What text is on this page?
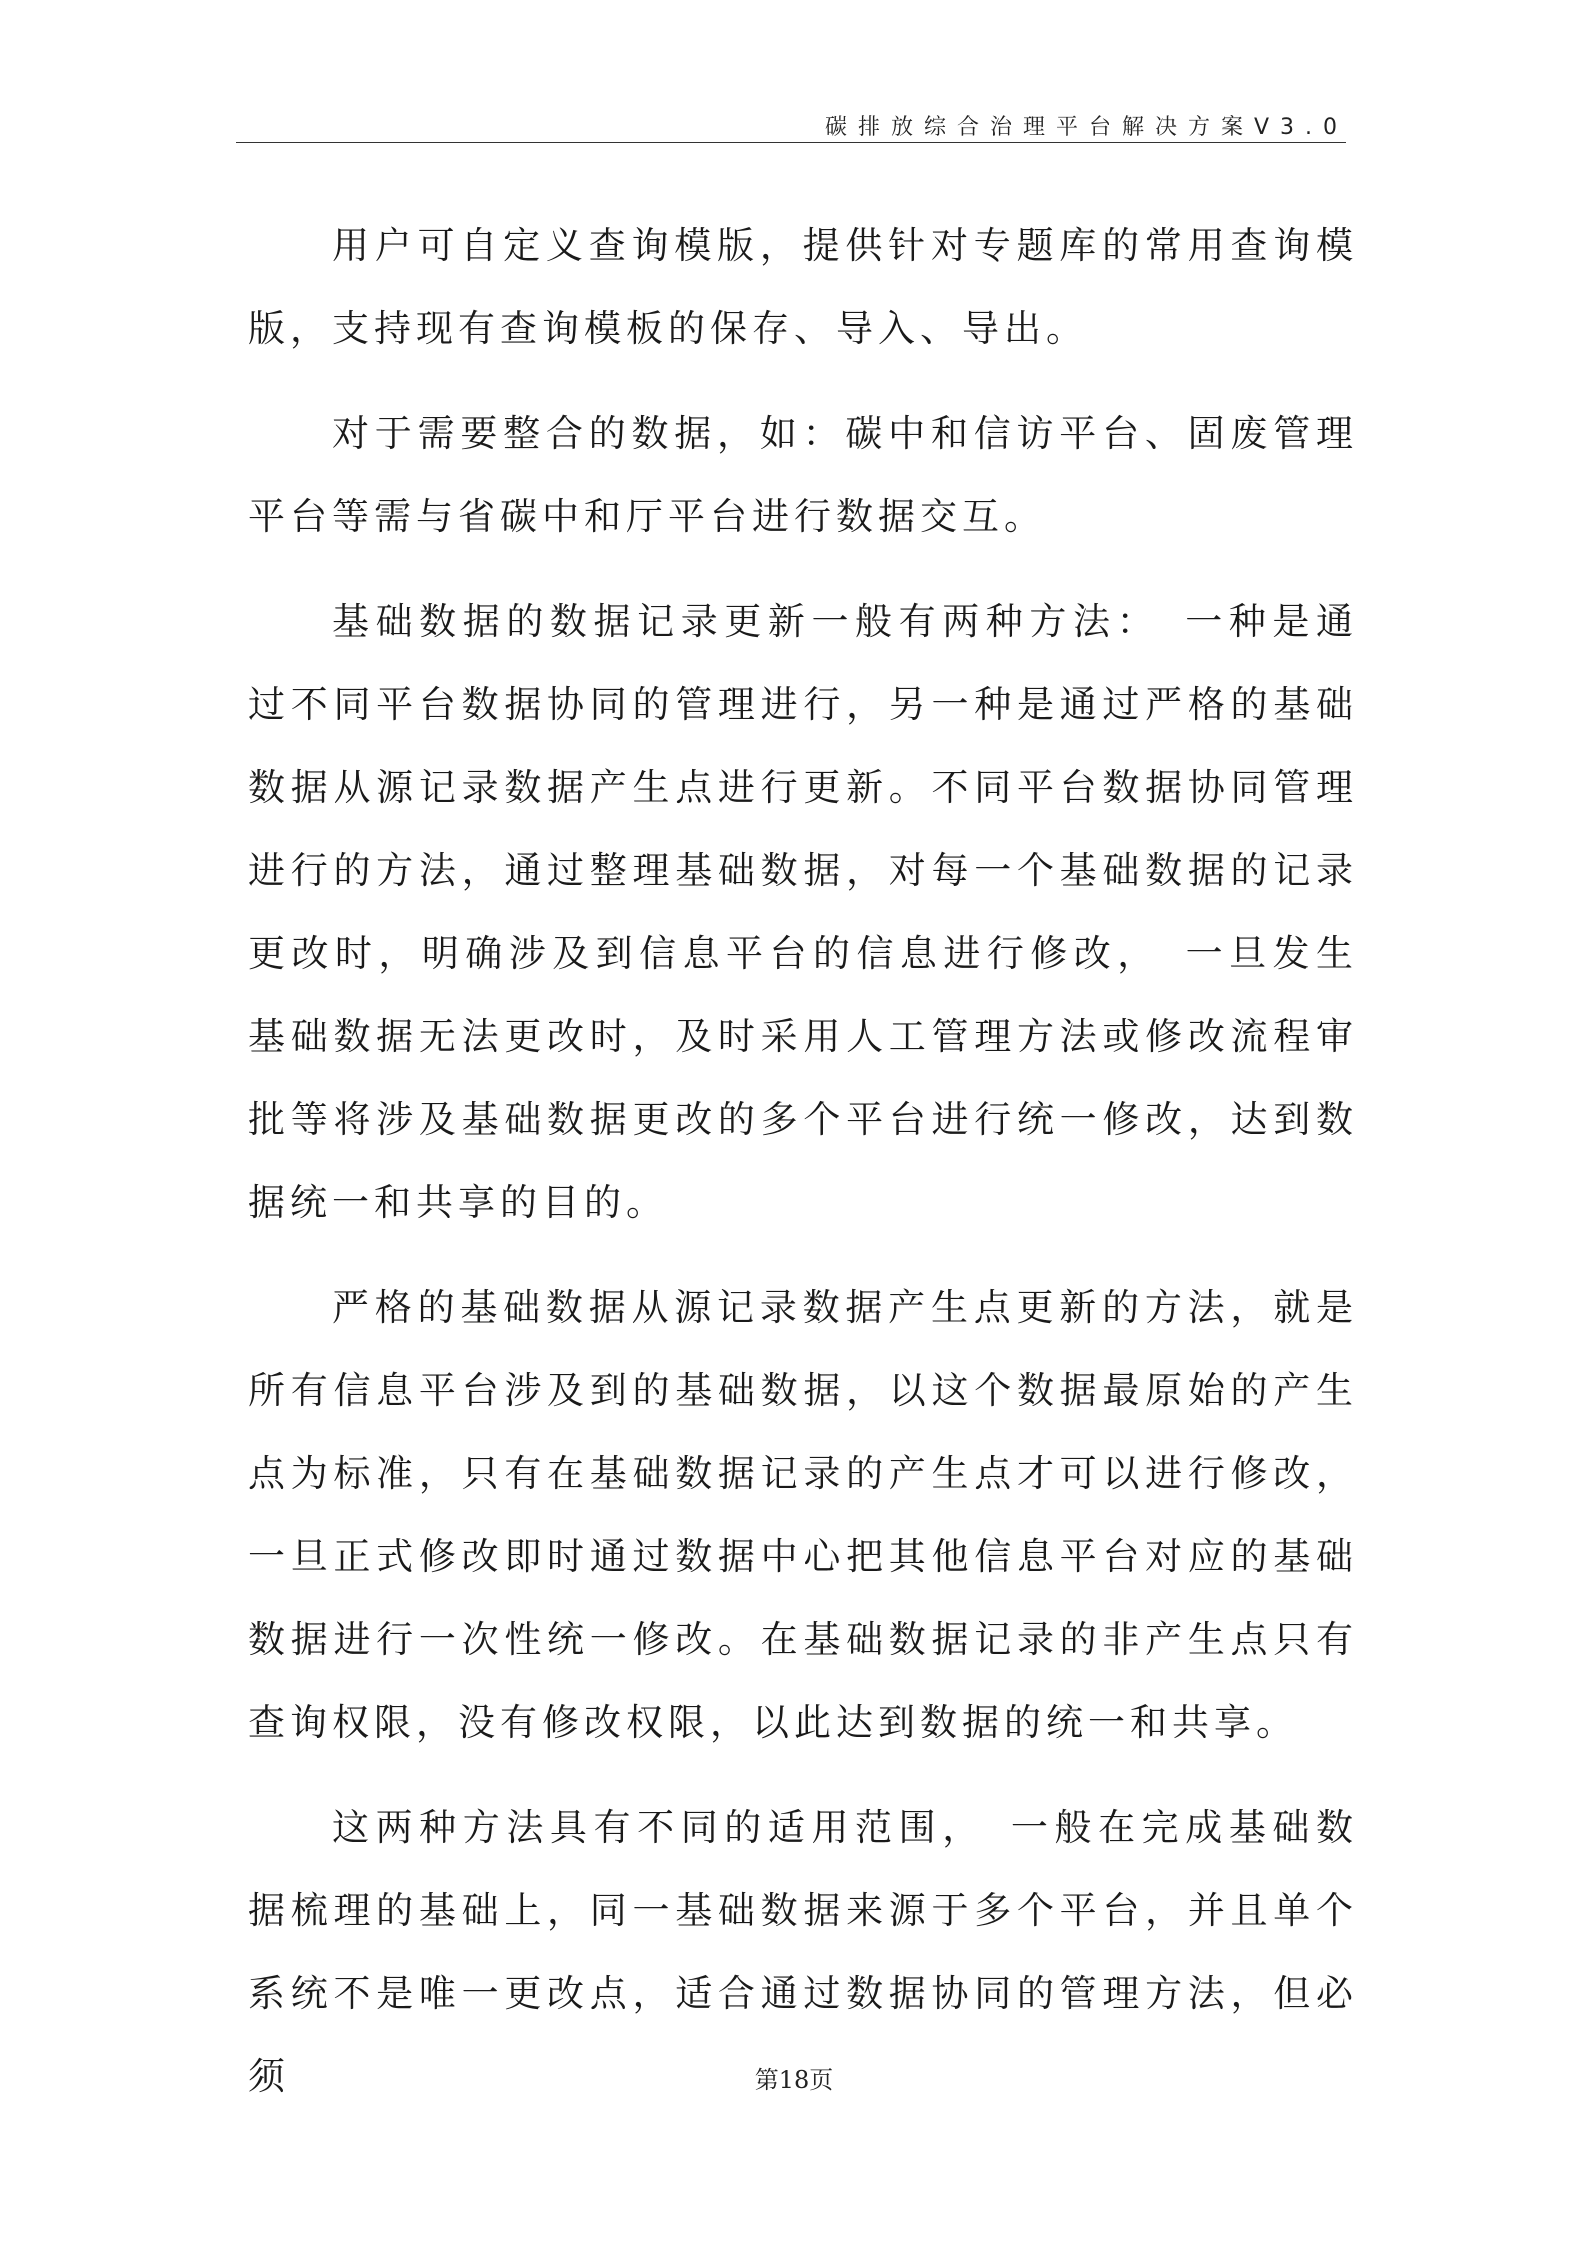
碳排放综合治理平台解决方案V3.0

用户可自定义查询模版，提供针对专题库的常用查询模版，支持现有查询模板的保存、导入、导出。

对于需要整合的数据，如：碳中和信访平台、固废管理平台等需与省碳中和厅平台进行数据交互。

基础数据的数据记录更新一般有两种方法：　一种是通过不同平台数据协同的管理进行，另一种是通过严格的基础数据从源记录数据产生点进行更新。不同平台数据协同管理进行的方法，通过整理基础数据，对每一个基础数据的记录更改时，明确涉及到信息平台的信息进行修改，　一旦发生基础数据无法更改时，及时采用人工管理方法或修改流程审批等将涉及基础数据更改的多个平台进行统一修改，达到数据统一和共享的目的。

严格的基础数据从源记录数据产生点更新的方法，就是所有信息平台涉及到的基础数据，以这个数据最原始的产生点为标准，只有在基础数据记录的产生点才可以进行修改，一旦正式修改即时通过数据中心把其他信息平台对应的基础数据进行一次性统一修改。在基础数据记录的非产生点只有查询权限，没有修改权限，以此达到数据的统一和共享。

这两种方法具有不同的适用范围，　一般在完成基础数据梳理的基础上，同一基础数据来源于多个平台，并且单个系统不是唯一更改点，适合通过数据协同的管理方法，但必须	第18页
